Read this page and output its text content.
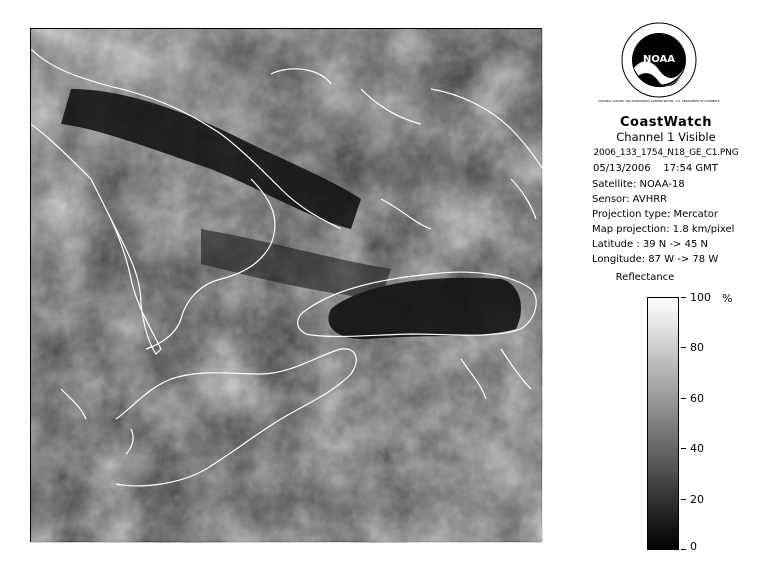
NOAA
NATIONAL OCEANIC AND ATMOSPHERIC ADMINISTRATION · U.S. DEPARTMENT OF COMMERCE
CoastWatch
Channel 1 Visible
2006_133_1754_N18_GE_C1.PNG
05/13/2006 17:54 GMT
Satellite: NOAA-18
Sensor: AVHRR
Projection type: Mercator
Map projection: 1.8 km/pixel
Latitude : 39 N -> 45 N
Longitude: 87 W -> 78 W
Reflectance
%
100
80
60
40
20
0
